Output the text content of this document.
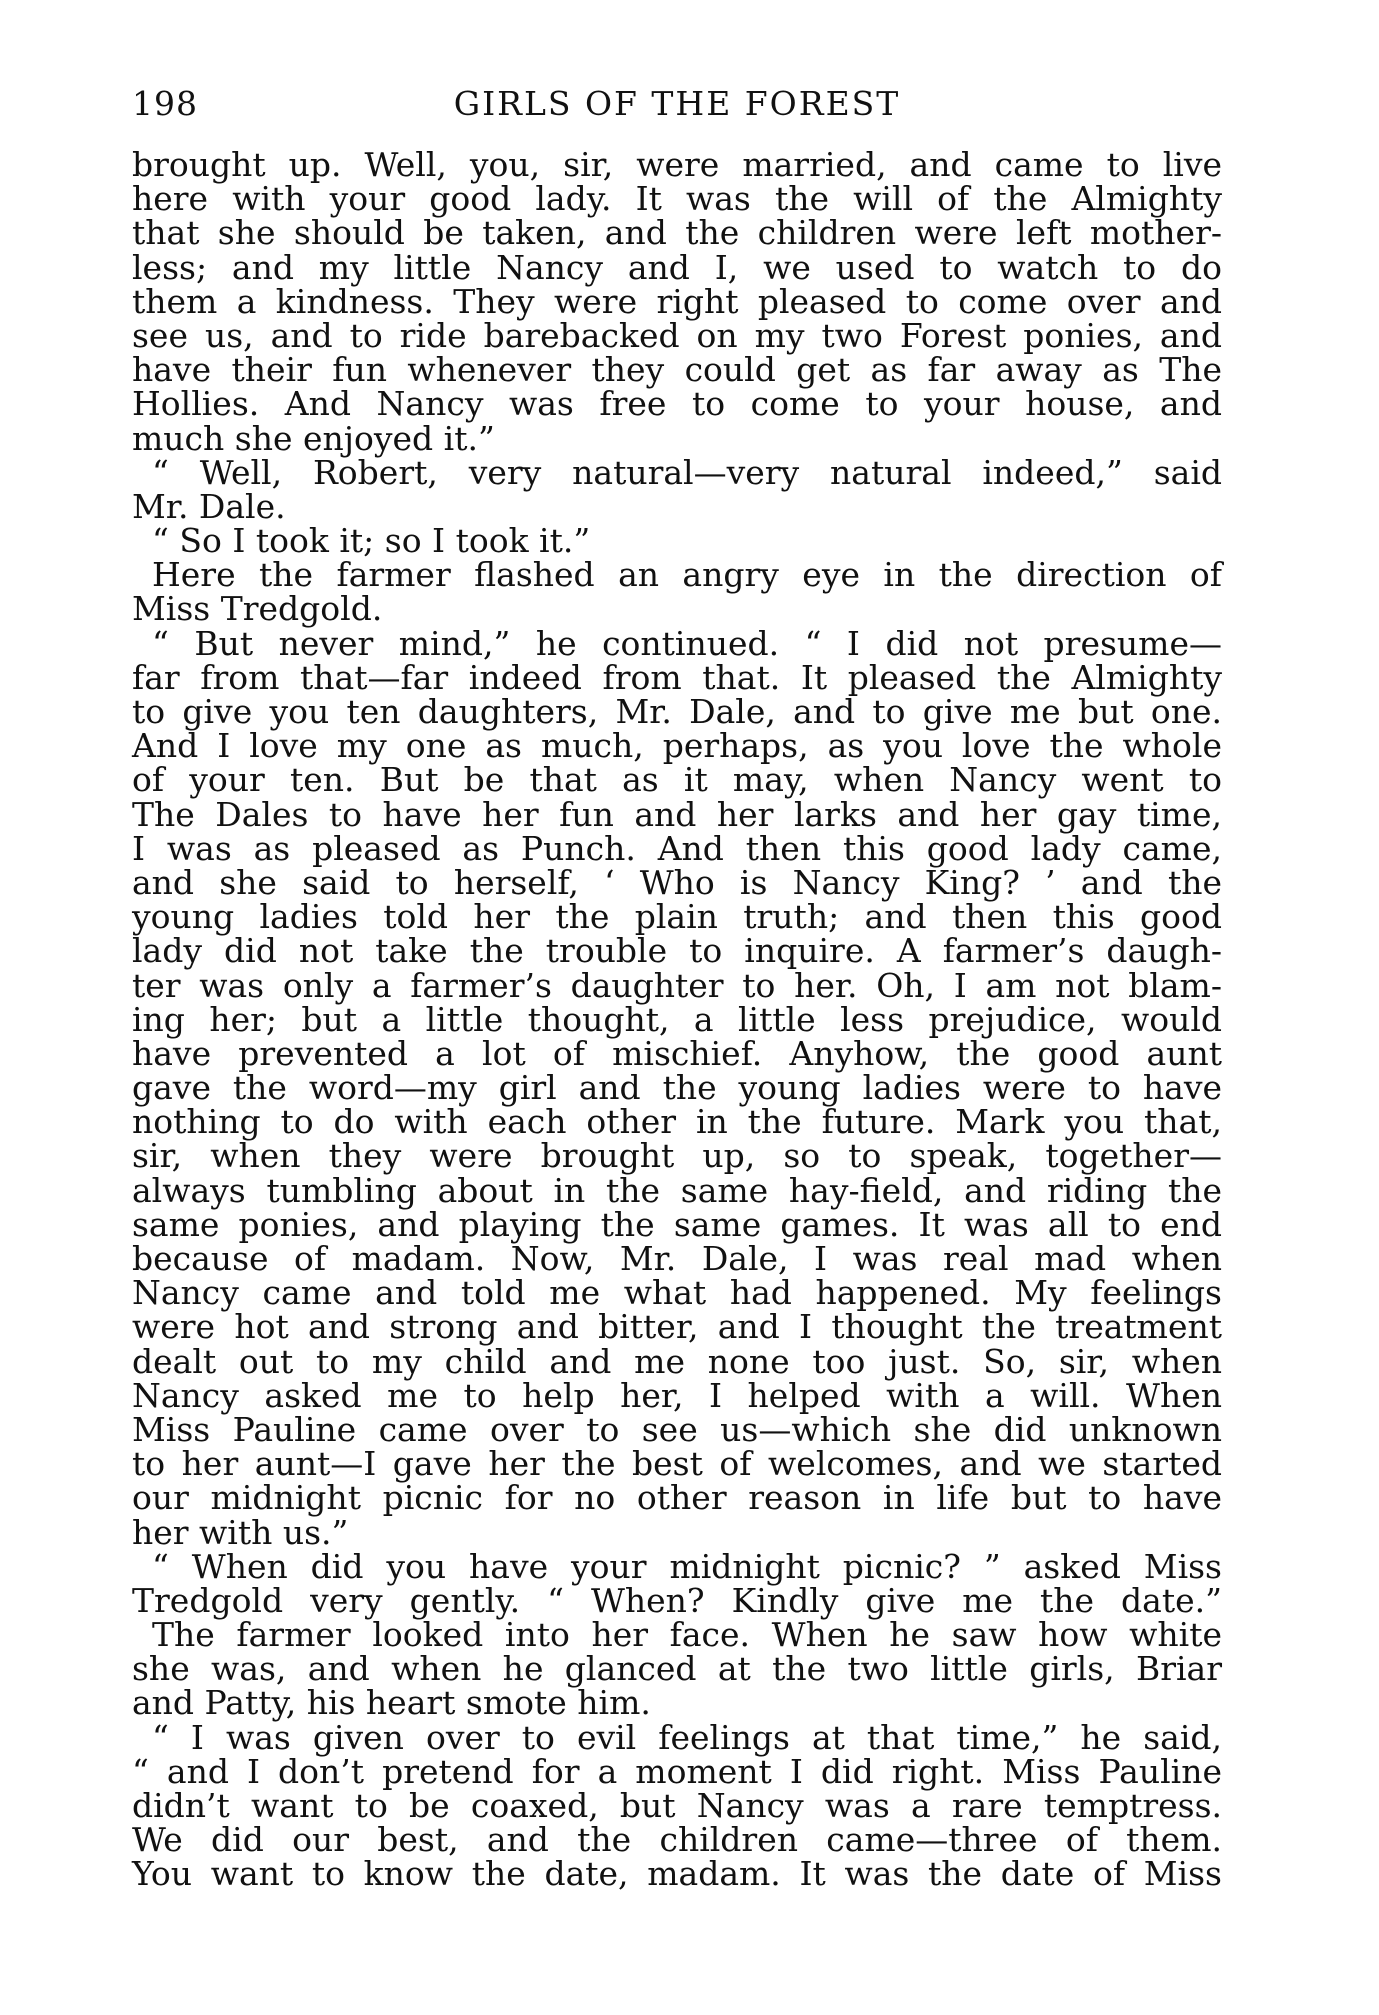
198	GIRLS OF THE FOREST
brought up. Well, you, sir, were married, and came to live
here with your good lady. It was the will of the Almighty
that she should be taken, and the children were left mother-
less; and my little Nancy and I, we used to watch to do
them a kindness. They were right pleased to come over and
see us, and to ride barebacked on my two Forest ponies, and
have their fun whenever they could get as far away as The
Hollies. And Nancy was free to come to your house, and
much she enjoyed it.”
“ Well, Robert, very natural—very natural indeed,” said
Mr. Dale.
“ So I took it; so I took it.”
Here the farmer flashed an angry eye in the direction of
Miss Tredgold.
“ But never mind,” he continued. “ I did not presume—
far from that—far indeed from that. It pleased the Almighty
to give you ten daughters, Mr. Dale, and to give me but one.
And I love my one as much, perhaps, as you love the whole
of your ten. But be that as it may, when Nancy went to
The Dales to have her fun and her larks and her gay time,
I was as pleased as Punch. And then this good lady came,
and she said to herself, ‘ Who is Nancy King? ’ and the
young ladies told her the plain truth; and then this good
lady did not take the trouble to inquire. A farmer’s daugh-
ter was only a farmer’s daughter to her. Oh, I am not blam-
ing her; but a little thought, a little less prejudice, would
have prevented a lot of mischief. Anyhow, the good aunt
gave the word—my girl and the young ladies were to have
nothing to do with each other in the future. Mark you that,
sir, when they were brought up, so to speak, together—
always tumbling about in the same hay-field, and riding the
same ponies, and playing the same games. It was all to end
because of madam. Now, Mr. Dale, I was real mad when
Nancy came and told me what had happened. My feelings
were hot and strong and bitter, and I thought the treatment
dealt out to my child and me none too just. So, sir, when
Nancy asked me to help her, I helped with a will. When
Miss Pauline came over to see us—which she did unknown
to her aunt—I gave her the best of welcomes, and we started
our midnight picnic for no other reason in life but to have
her with us.”
“ When did you have your midnight picnic? ” asked Miss
Tredgold very gently. “ When? Kindly give me the date.”
The farmer looked into her face. When he saw how white
she was, and when he glanced at the two little girls, Briar
and Patty, his heart smote him.
“ I was given over to evil feelings at that time,” he said,
“ and I don’t pretend for a moment I did right. Miss Pauline
didn’t want to be coaxed, but Nancy was a rare temptress.
We did our best, and the children came—three of them.
You want to know the date, madam. It was the date of Miss
